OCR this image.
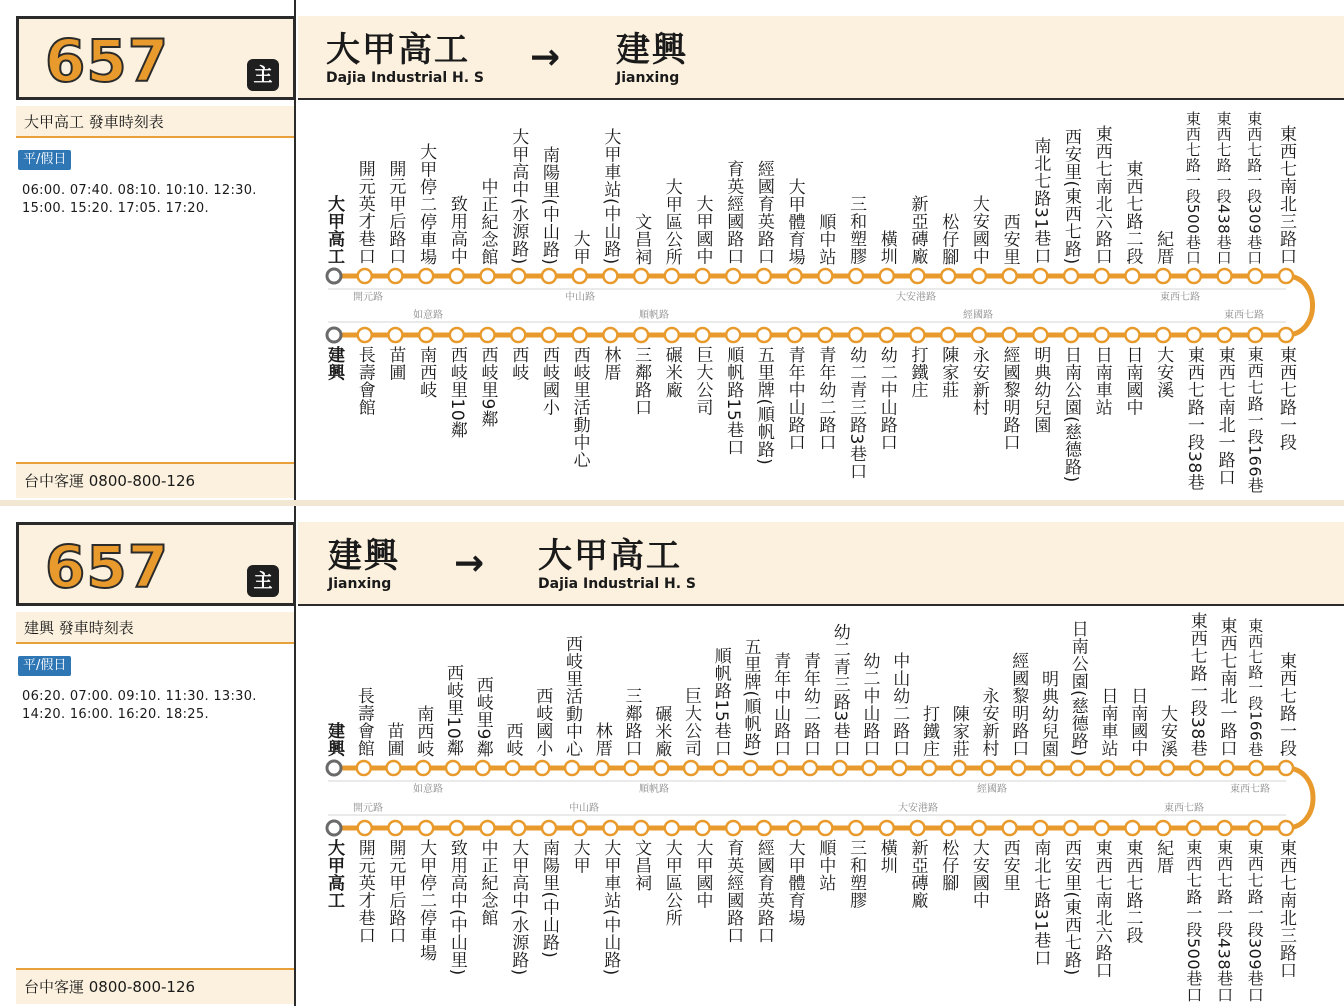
657	主
大甲高工 發車時刻表
平/假日
06:00. 07:40. 08:10. 10:10. 12:30.
15:00. 15:20. 17:05. 17:20.
台中客運 0800-800-126
大甲高工
Dajia Industrial H. S → 建興
Jianxing
開元路	中山路	大安港路	東西七路
如意路	順帆路	經國路	東西七路
大甲高工 開元英才巷口 開元甲后路口 大甲停二停車場 致用高中 中正紀念館 大甲高中(水源路) 南陽里(中山路) 大甲 大甲車站(中山路) 文昌祠 大甲區公所 大甲國中 育英經國路口 經國育英路口 大甲體育場 順中站 三和塑膠 橫圳 新亞磚廠 松仔腳 大安國中 西安里 南北七路31巷口 西安里(東西七路) 東西七南北六路口 東西七路二段 紀厝 東西七路一段500巷口 東西七路一段438巷口 東西七路一段309巷口 東西七南北三路口
建興 長壽會館 苗圃 南西岐 西岐里10鄰 西岐里9鄰 西岐 西岐國小 西岐里活動中心 林厝 三鄰路口 碾米廠 巨大公司 順帆路15巷口 五里牌(順帆路) 青年中山路口 青年幼二路口 幼二青三路3巷口 幼二中山路口 打鐵庄 陳家莊 永安新村 經國黎明路口 明典幼兒園 日南公園(慈德路) 日南車站 日南國中 大安溪 東西七路一段38巷 東西七南北一路口 東西七路一段166巷 東西七路一段
657	主
建興 發車時刻表
平/假日
06:20. 07:00. 09:10. 11:30. 13:30.
14:20. 16:00. 16:20. 18:25.
台中客運 0800-800-126
建興
Jianxing → 大甲高工
Dajia Industrial H. S
如意路	順帆路	經國路	東西七路
開元路	中山路	大安港路	東西七路
建興 長壽會館 苗圃 南西岐 西岐里10鄰 西岐里9鄰 西岐 西岐國小 西岐里活動中心 林厝 三鄰路口 碾米廠 巨大公司 順帆路15巷口 五里牌(順帆路) 青年中山路口 青年幼二路口 幼二青三路3巷口 幼二中山路口 中山幼二路口 打鐵庄 陳家莊 永安新村 經國黎明路口 明典幼兒園 日南公園(慈德路) 日南車站 日南國中 大安溪 東西七路一段38巷 東西七南北一路口 東西七路一段166巷 東西七路一段
大甲高工 開元英才巷口 開元甲后路口 大甲停二停車場 致用高中(中山里) 中正紀念館 大甲高中(水源路) 南陽里(中山路) 大甲 大甲車站(中山路) 文昌祠 大甲區公所 大甲國中 育英經國路口 經國育英路口 大甲體育場 順中站 三和塑膠 橫圳 新亞磚廠 松仔腳 大安國中 西安里 南北七路31巷口 西安里(東西七路) 東西七南北六路口 東西七路二段 紀厝 東西七路一段500巷口 東西七路一段438巷口 東西七路一段309巷口 東西七南北三路口
